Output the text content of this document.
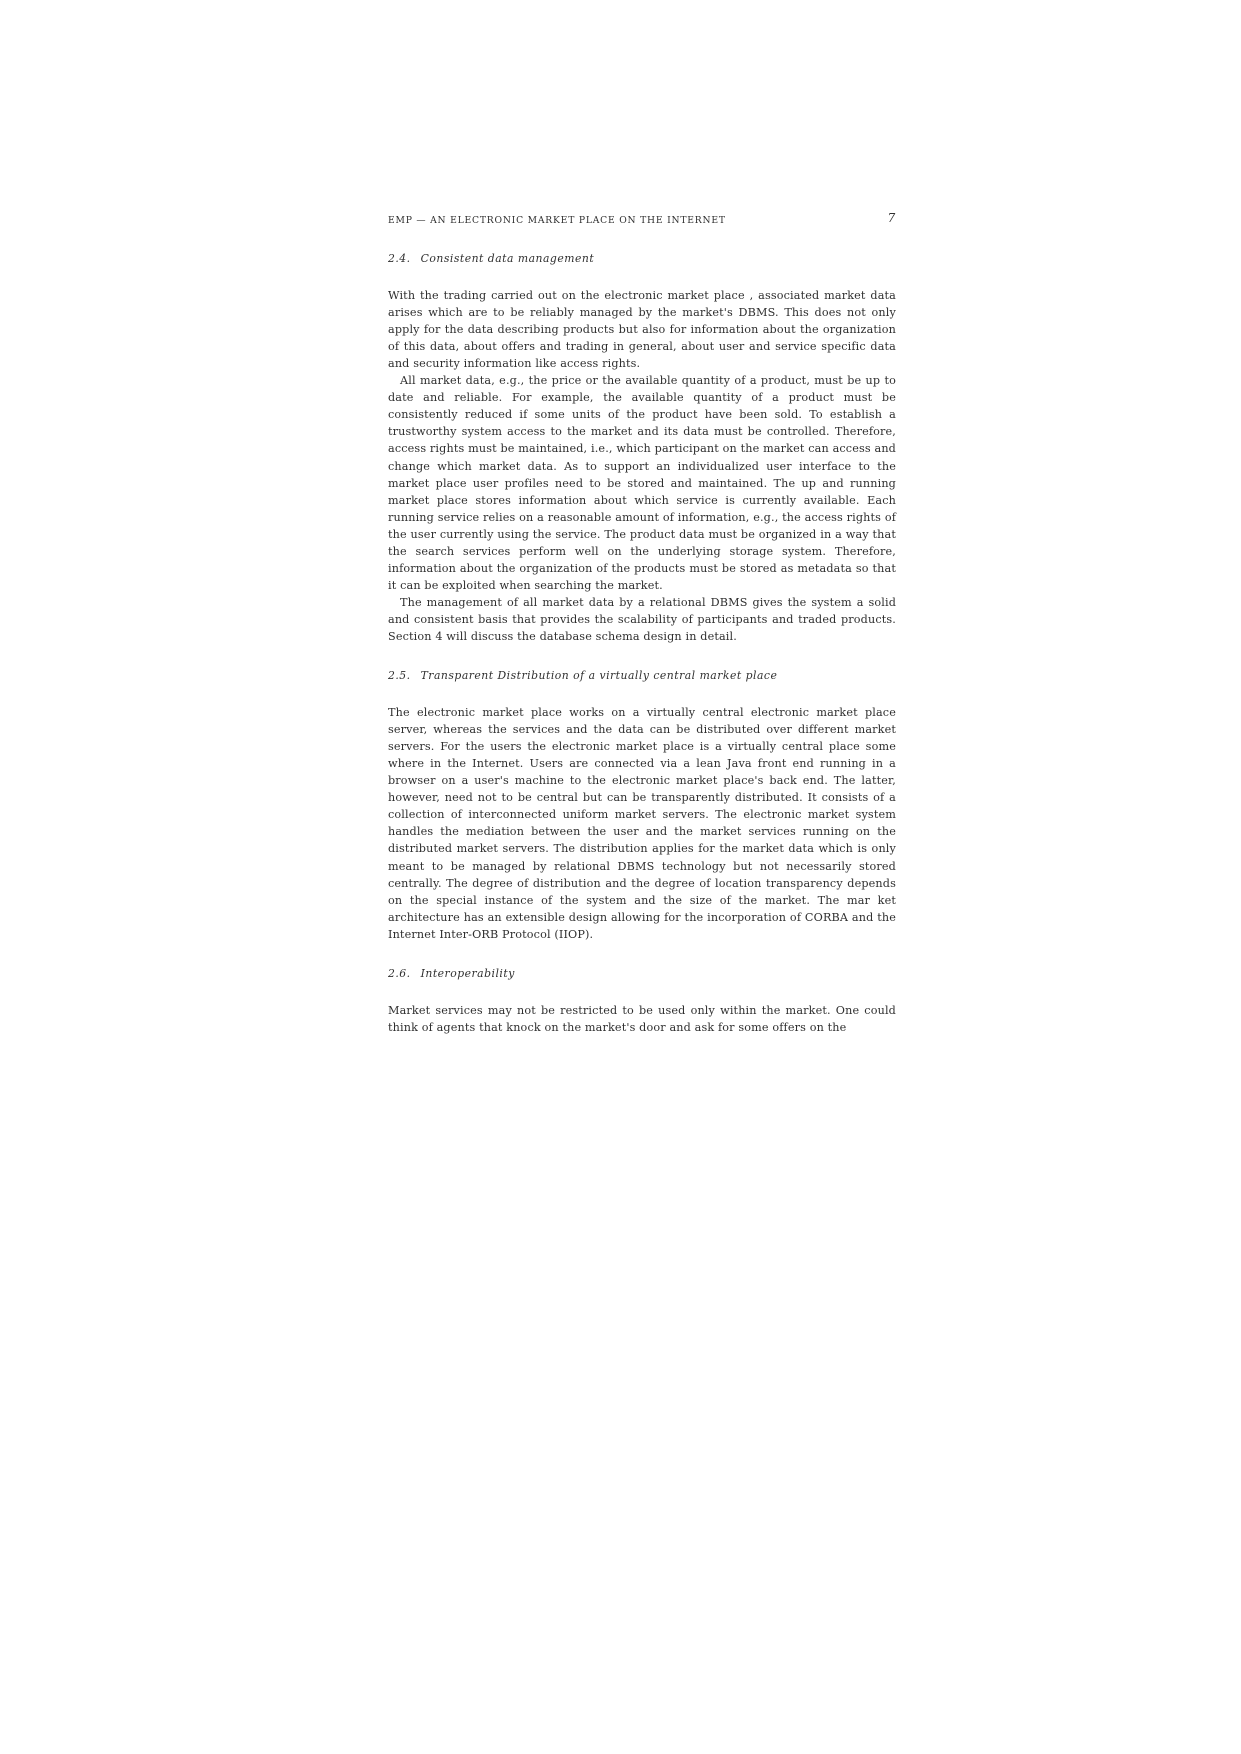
EMP — AN ELECTRONIC MARKET PLACE ON THE INTERNET	7
2.4. Consistent data management

With the trading carried out on the electronic market place , associated market data arises which are to be reliably managed by the market's DBMS. This does not only apply for the data describing products but also for information about the organization of this data, about offers and trading in general, about user and service specific data and security information like access rights.

All market data, e.g., the price or the available quantity of a product, must be up to date and reliable. For example, the available quantity of a product must be consistently reduced if some units of the product have been sold. To establish a trustworthy system access to the market and its data must be controlled. Therefore, access rights must be maintained, i.e., which participant on the market can access and change which market data. As to support an individualized user interface to the market place user profiles need to be stored and maintained. The up and running market place stores information about which service is currently available. Each running service relies on a reasonable amount of information, e.g., the access rights of the user currently using the service. The product data must be organized in a way that the search services perform well on the underlying storage system. Therefore, information about the organization of the products must be stored as metadata so that it can be exploited when searching the market.

The management of all market data by a relational DBMS gives the system a solid and consistent basis that provides the scalability of participants and traded products. Section 4 will discuss the database schema design in detail.

2.5. Transparent Distribution of a virtually central market place

The electronic market place works on a virtually central electronic market place server, whereas the services and the data can be distributed over different market servers. For the users the electronic market place is a virtually central place some where in the Internet. Users are connected via a lean Java front end running in a browser on a user's machine to the electronic market place's back end. The latter, however, need not to be central but can be transparently distributed. It consists of a collection of interconnected uniform market servers. The electronic market system handles the mediation between the user and the market services running on the distributed market servers. The distribution applies for the market data which is only meant to be managed by relational DBMS technology but not necessarily stored centrally. The degree of distribution and the degree of location transparency depends on the special instance of the system and the size of the market. The mar ket architecture has an extensible design allowing for the incorporation of CORBA and the Internet Inter-ORB Protocol (IIOP).

2.6. Interoperability

Market services may not be restricted to be used only within the market. One could think of agents that knock on the market's door and ask for some offers on the
